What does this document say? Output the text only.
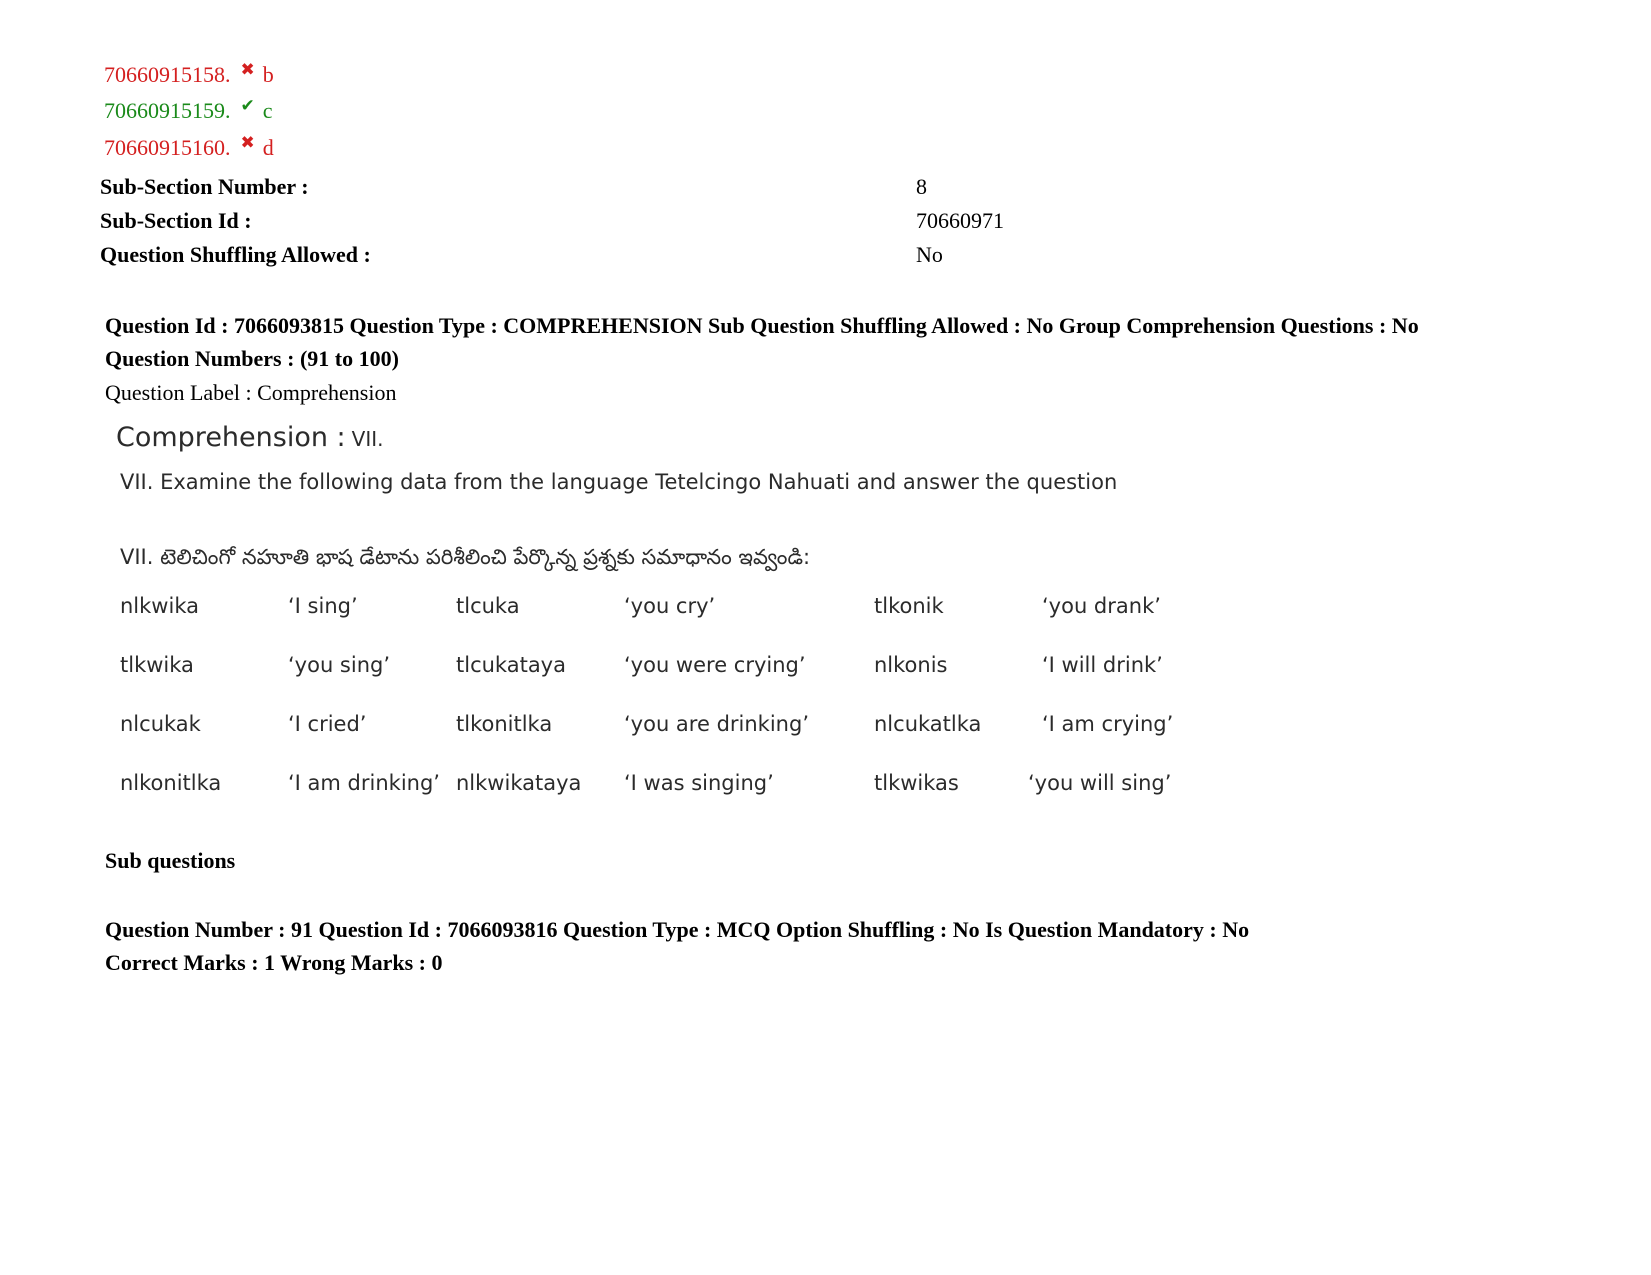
70660915158. ✖ b
70660915159. ✔ c
70660915160. ✖ d
Sub-Section Number :	8
Sub-Section Id :	70660971
Question Shuffling Allowed :	No
Question Id : 7066093815 Question Type : COMPREHENSION Sub Question Shuffling Allowed : No Group Comprehension Questions : No
Question Numbers : (91 to 100)
Question Label : Comprehension
Comprehension : VII.
VII. Examine the following data from the language Tetelcingo Nahuati and answer the question
VII. టెలిచింగో నహూతి భాష డేటాను పరిశీలించి పేర్కొన్న ప్రశ్నకు సమాధానం ఇవ్వండి:
nlkwika	‘I sing’	tlcuka	‘you cry’	tlkonik	‘you drank’
tlkwika	‘you sing’	tlcukataya	‘you were crying’	nlkonis	‘I will drink’
nlcukak	‘I cried’	tlkonitlka	‘you are drinking’	nlcukatlka	‘I am crying’
nlkonitlka	‘I am drinking’ nlkwikataya ‘I was singing’	tlkwikas	‘you will sing’
Sub questions
Question Number : 91 Question Id : 7066093816 Question Type : MCQ Option Shuffling : No Is Question Mandatory : No
Correct Marks : 1 Wrong Marks : 0
